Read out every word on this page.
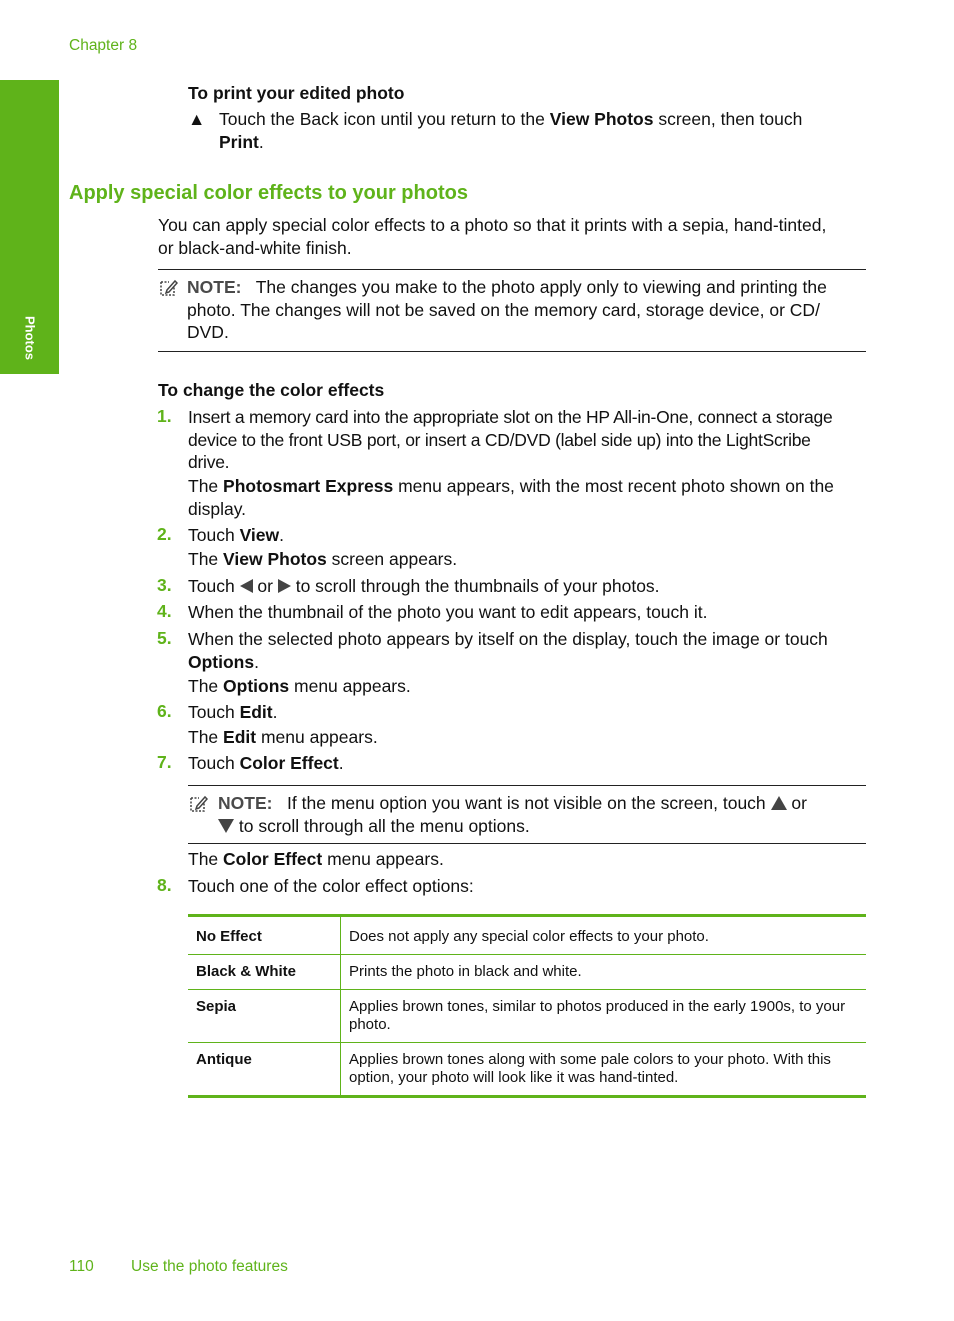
Chapter 8
Photos
To print your edited photo
▲ Touch the Back icon until you return to the View Photos screen, then touch
Print.
Apply special color effects to your photos
You can apply special color effects to a photo so that it prints with a sepia, hand-tinted,
or black-and-white finish.
NOTE: The changes you make to the photo apply only to viewing and printing the
photo. The changes will not be saved on the memory card, storage device, or CD/
DVD.
To change the color effects
1. Insert a memory card into the appropriate slot on the HP All-in-One, connect a storage
device to the front USB port, or insert a CD/DVD (label side up) into the LightScribe
drive.
The Photosmart Express menu appears, with the most recent photo shown on the
display.
2. Touch View.
The View Photos screen appears.
3. Touch  or  to scroll through the thumbnails of your photos.
4. When the thumbnail of the photo you want to edit appears, touch it.
5. When the selected photo appears by itself on the display, touch the image or touch
Options.
The Options menu appears.
6. Touch Edit.
The Edit menu appears.
7. Touch Color Effect.
NOTE: If the menu option you want is not visible on the screen, touch or
to scroll through all the menu options.
The Color Effect menu appears.
8. Touch one of the color effect options:
No Effect	Does not apply any special color effects to your photo.
Black & White	Prints the photo in black and white.
Sepia	Applies brown tones, similar to photos produced in the early 1900s, to your photo.
Antique	Applies brown tones along with some pale colors to your photo. With this option, your photo will look like it was hand-tinted.
110 Use the photo features
